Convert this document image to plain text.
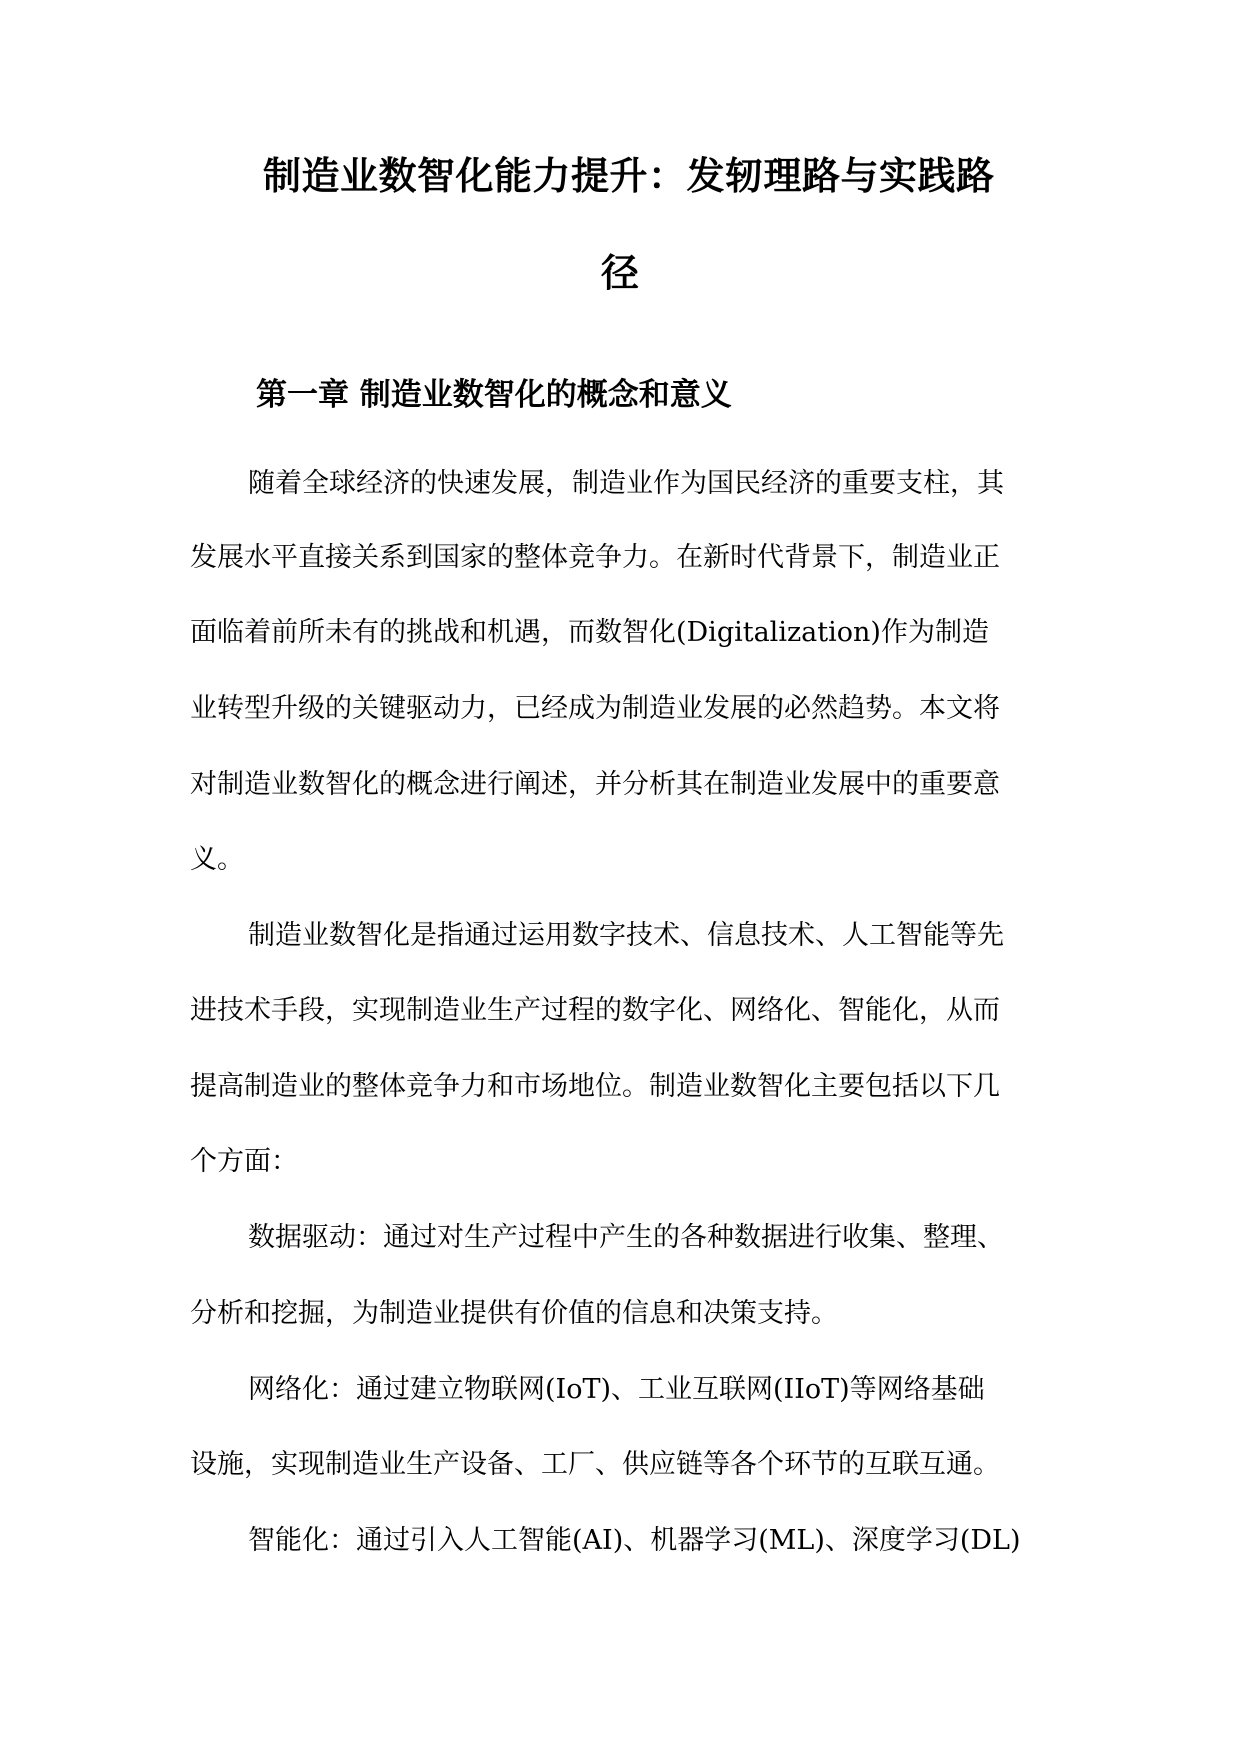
制造业数智化能力提升：发轫理路与实践路
径
第一章 制造业数智化的概念和意义

随着全球经济的快速发展，制造业作为国民经济的重要支柱，其

发展水平直接关系到国家的整体竞争力。在新时代背景下，制造业正

面临着前所未有的挑战和机遇，而数智化(Digitalization)作为制造

业转型升级的关键驱动力，已经成为制造业发展的必然趋势。本文将

对制造业数智化的概念进行阐述，并分析其在制造业发展中的重要意

义。

制造业数智化是指通过运用数字技术、信息技术、人工智能等先

进技术手段，实现制造业生产过程的数字化、网络化、智能化，从而

提高制造业的整体竞争力和市场地位。制造业数智化主要包括以下几

个方面：

数据驱动：通过对生产过程中产生的各种数据进行收集、整理、

分析和挖掘，为制造业提供有价值的信息和决策支持。

网络化：通过建立物联网(IoT)、工业互联网(IIoT)等网络基础

设施，实现制造业生产设备、工厂、供应链等各个环节的互联互通。

智能化：通过引入人工智能(AI)、机器学习(ML)、深度学习(DL)
